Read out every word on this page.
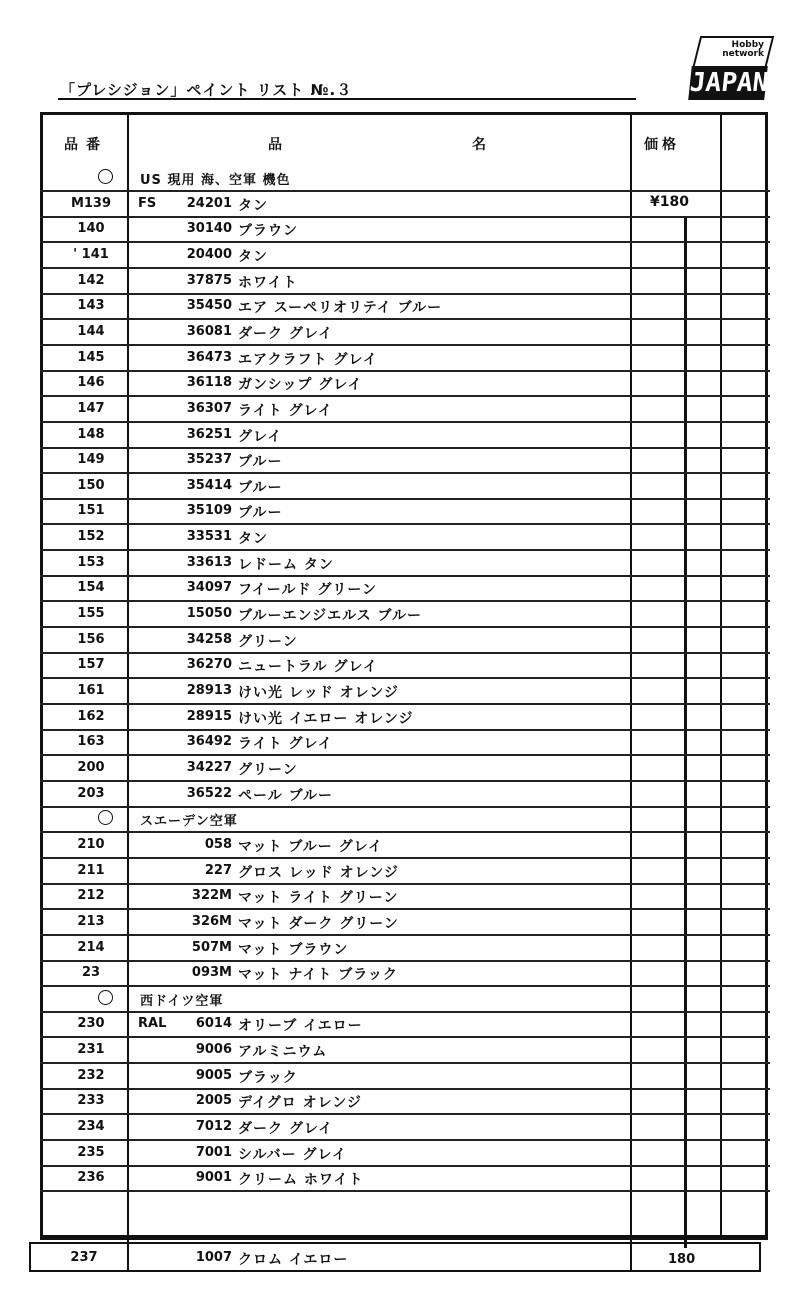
「プレシジョン」ペイント リスト №.３
Hobby
network
JAPAN
品番	品	名	価格
US 現用 海、空軍 機色
M139	FS	24201 タン	¥180
140	30140 ブラウン
' 141	20400 タン
142	37875 ホワイト
143	35450 エア スーペリオリテイ ブルー
144	36081 ダーク グレイ
145	36473 エアクラフト グレイ
146	36118 ガンシップ グレイ
147	36307 ライト グレイ
148	36251 グレイ
149	35237 ブルー
150	35414 ブルー
151	35109 ブルー
152	33531 タン
153	33613 レドーム タン
154	34097 フイールド グリーン
155	15050 ブルーエンジエルス ブルー
156	34258 グリーン
157	36270 ニュートラル グレイ
161	28913 けい光 レッド オレンジ
162	28915 けい光 イエロー オレンジ
163	36492 ライト グレイ
200	34227 グリーン
203	36522 ペール ブルー
スエーデン空軍
210	058 マット ブルー グレイ
211	227 グロス レッド オレンジ
212	322M マット ライト グリーン
213	326M マット ダーク グリーン
214	507M マット ブラウン
23	093M マット ナイト ブラック
西ドイツ空軍
230	RAL	6014 オリーブ イエロー
231	9006 アルミニウム
232	9005 ブラック
233	2005 デイグロ オレンジ
234	7012 ダーク グレイ
235	7001 シルバー グレイ
236	9001 クリーム ホワイト
237	1007 クロム イエロー	180
